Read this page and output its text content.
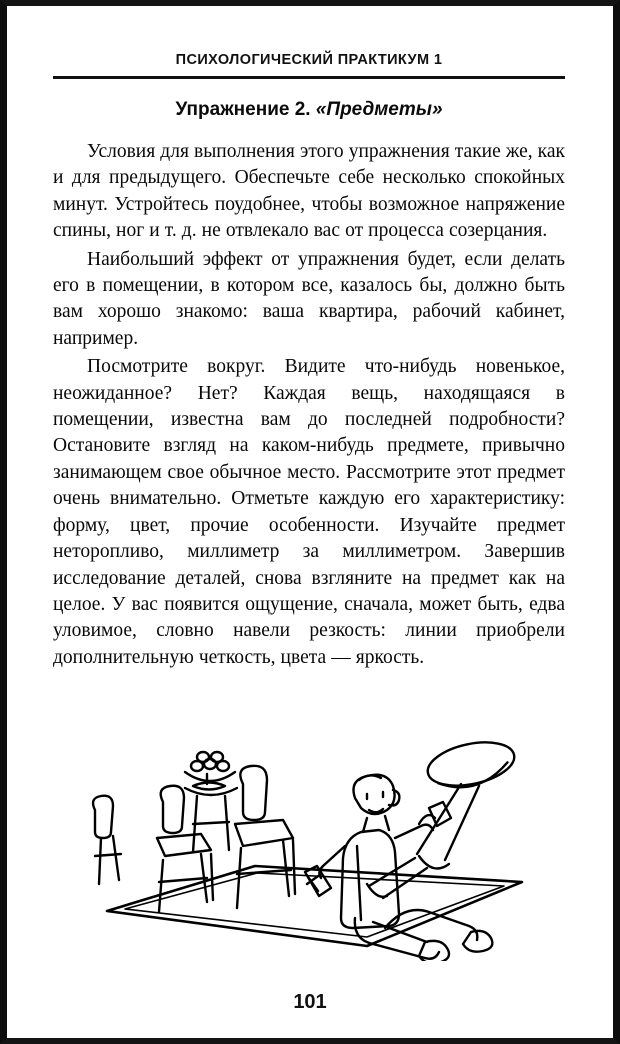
ПСИХОЛОГИЧЕСКИЙ ПРАКТИКУМ 1
Упражнение 2. «Предметы»

Условия для выполнения этого упражнения такие же, как и для предыдущего. Обеспечьте себе несколько спокойных минут. Устройтесь поудобнее, чтобы возможное напряжение спины, ног и т. д. не отвлекало вас от процесса созерцания.

Наибольший эффект от упражнения будет, если делать его в помещении, в котором все, казалось бы, должно быть вам хорошо знакомо: ваша квартира, рабочий кабинет, например.

Посмотрите вокруг. Видите что-нибудь новенькое, неожиданное? Нет? Каждая вещь, находящаяся в помещении, известна вам до последней подробности? Остановите взгляд на каком-нибудь предмете, привычно занимающем свое обычное место. Рассмотрите этот предмет очень внимательно. Отметьте каждую его характеристику: форму, цвет, прочие особенности. Изучайте предмет неторопливо, миллиметр за миллиметром. Завершив исследование деталей, снова взгляните на предмет как на целое. У вас появится ощущение, сначала, может быть, едва уловимое, словно навели резкость: линии приобрели дополнительную четкость, цвета — яркость.

101
